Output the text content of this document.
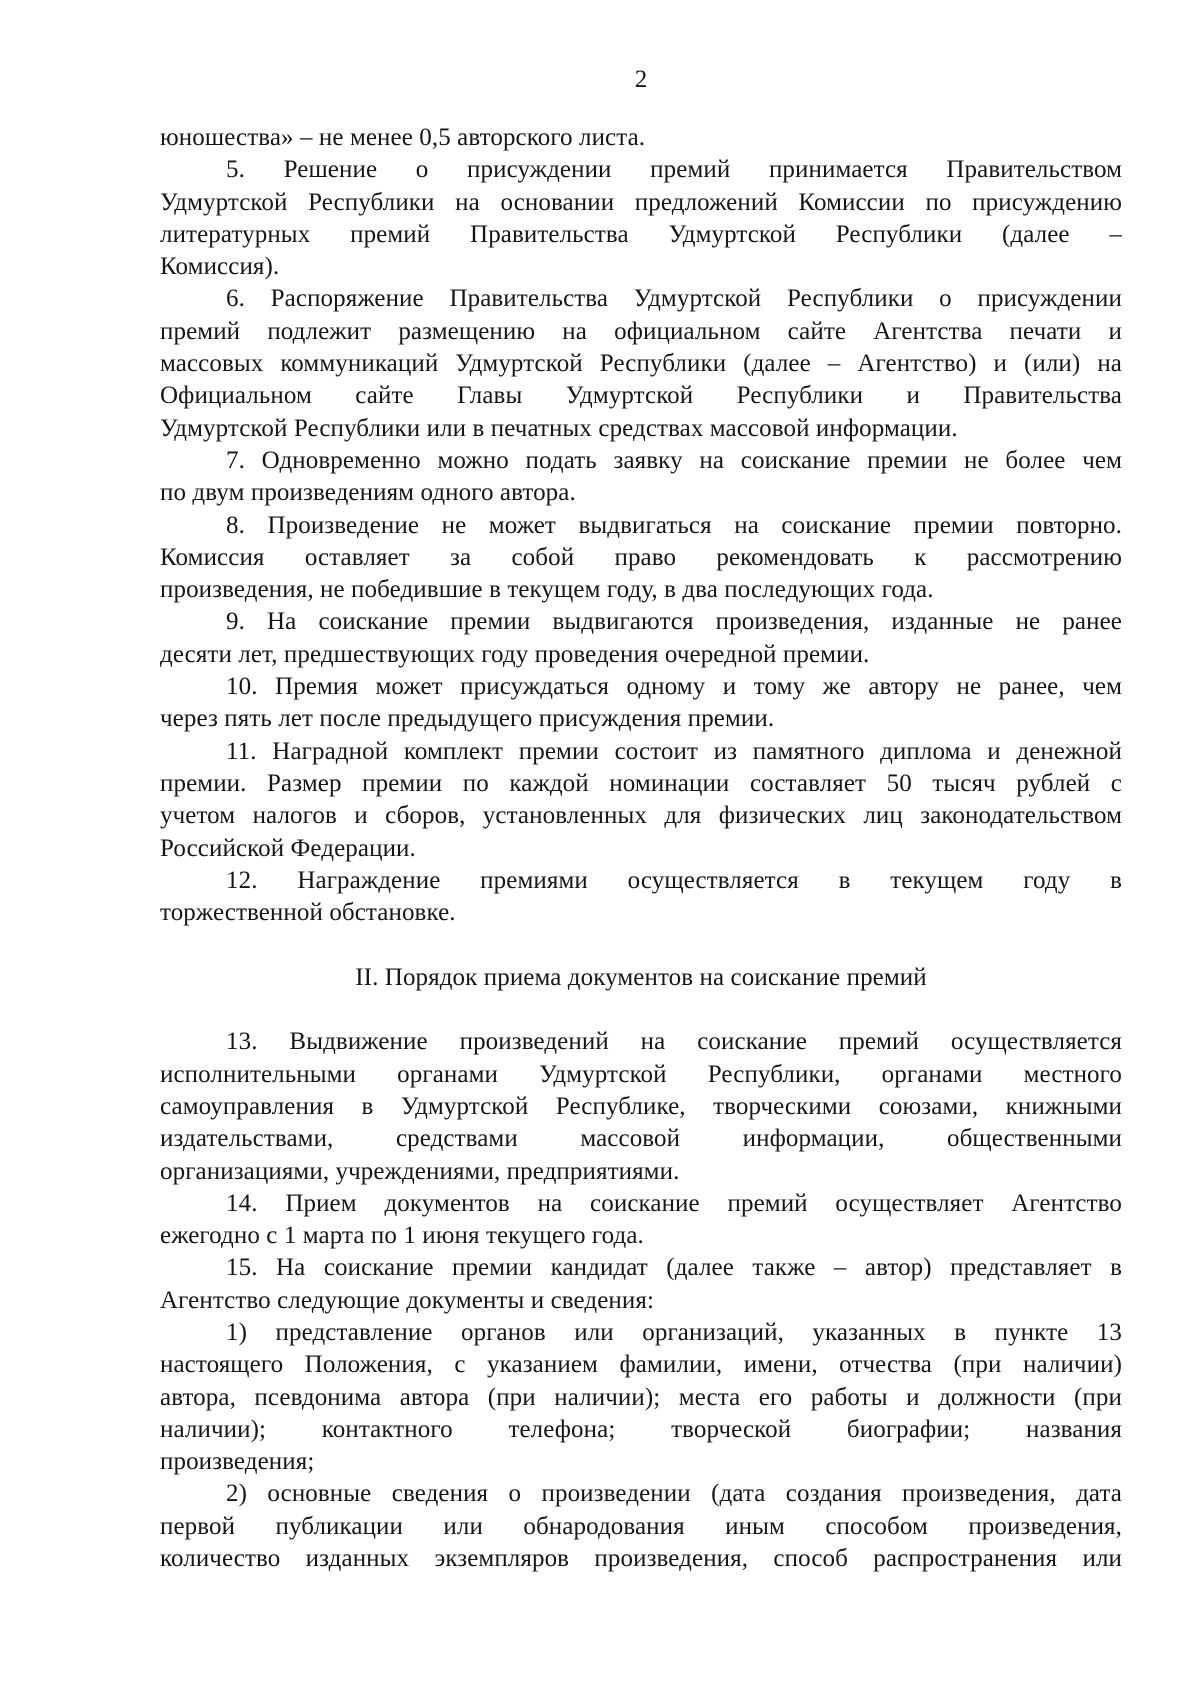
2
юношества» – не менее 0,5 авторского листа.
5. Решение о присуждении премий принимается Правительством
Удмуртской Республики на основании предложений Комиссии по присуждению
литературных премий Правительства Удмуртской Республики (далее –
Комиссия).
6. Распоряжение Правительства Удмуртской Республики о присуждении
премий подлежит размещению на официальном сайте Агентства печати и
массовых коммуникаций Удмуртской Республики (далее – Агентство) и (или) на
Официальном сайте Главы Удмуртской Республики и Правительства
Удмуртской Республики или в печатных средствах массовой информации.
7. Одновременно можно подать заявку на соискание премии не более чем
по двум произведениям одного автора.
8. Произведение не может выдвигаться на соискание премии повторно.
Комиссия оставляет за собой право рекомендовать к рассмотрению
произведения, не победившие в текущем году, в два последующих года.
9. На соискание премии выдвигаются произведения, изданные не ранее
десяти лет, предшествующих году проведения очередной премии.
10. Премия может присуждаться одному и тому же автору не ранее, чем
через пять лет после предыдущего присуждения премии.
11. Наградной комплект премии состоит из памятного диплома и денежной
премии. Размер премии по каждой номинации составляет 50 тысяч рублей с
учетом налогов и сборов, установленных для физических лиц законодательством
Российской Федерации.
12. Награждение премиями осуществляется в текущем году в
торжественной обстановке.
II. Порядок приема документов на соискание премий
13. Выдвижение произведений на соискание премий осуществляется
исполнительными органами Удмуртской Республики, органами местного
самоуправления в Удмуртской Республике, творческими союзами, книжными
издательствами, средствами массовой информации, общественными
организациями, учреждениями, предприятиями.
14. Прием документов на соискание премий осуществляет Агентство
ежегодно с 1 марта по 1 июня текущего года.
15. На соискание премии кандидат (далее также – автор) представляет в
Агентство следующие документы и сведения:
1) представление органов или организаций, указанных в пункте 13
настоящего Положения, с указанием фамилии, имени, отчества (при наличии)
автора, псевдонима автора (при наличии); места его работы и должности (при
наличии); контактного телефона; творческой биографии; названия
произведения;
2) основные сведения о произведении (дата создания произведения, дата
первой публикации или обнародования иным способом произведения,
количество изданных экземпляров произведения, способ распространения или
